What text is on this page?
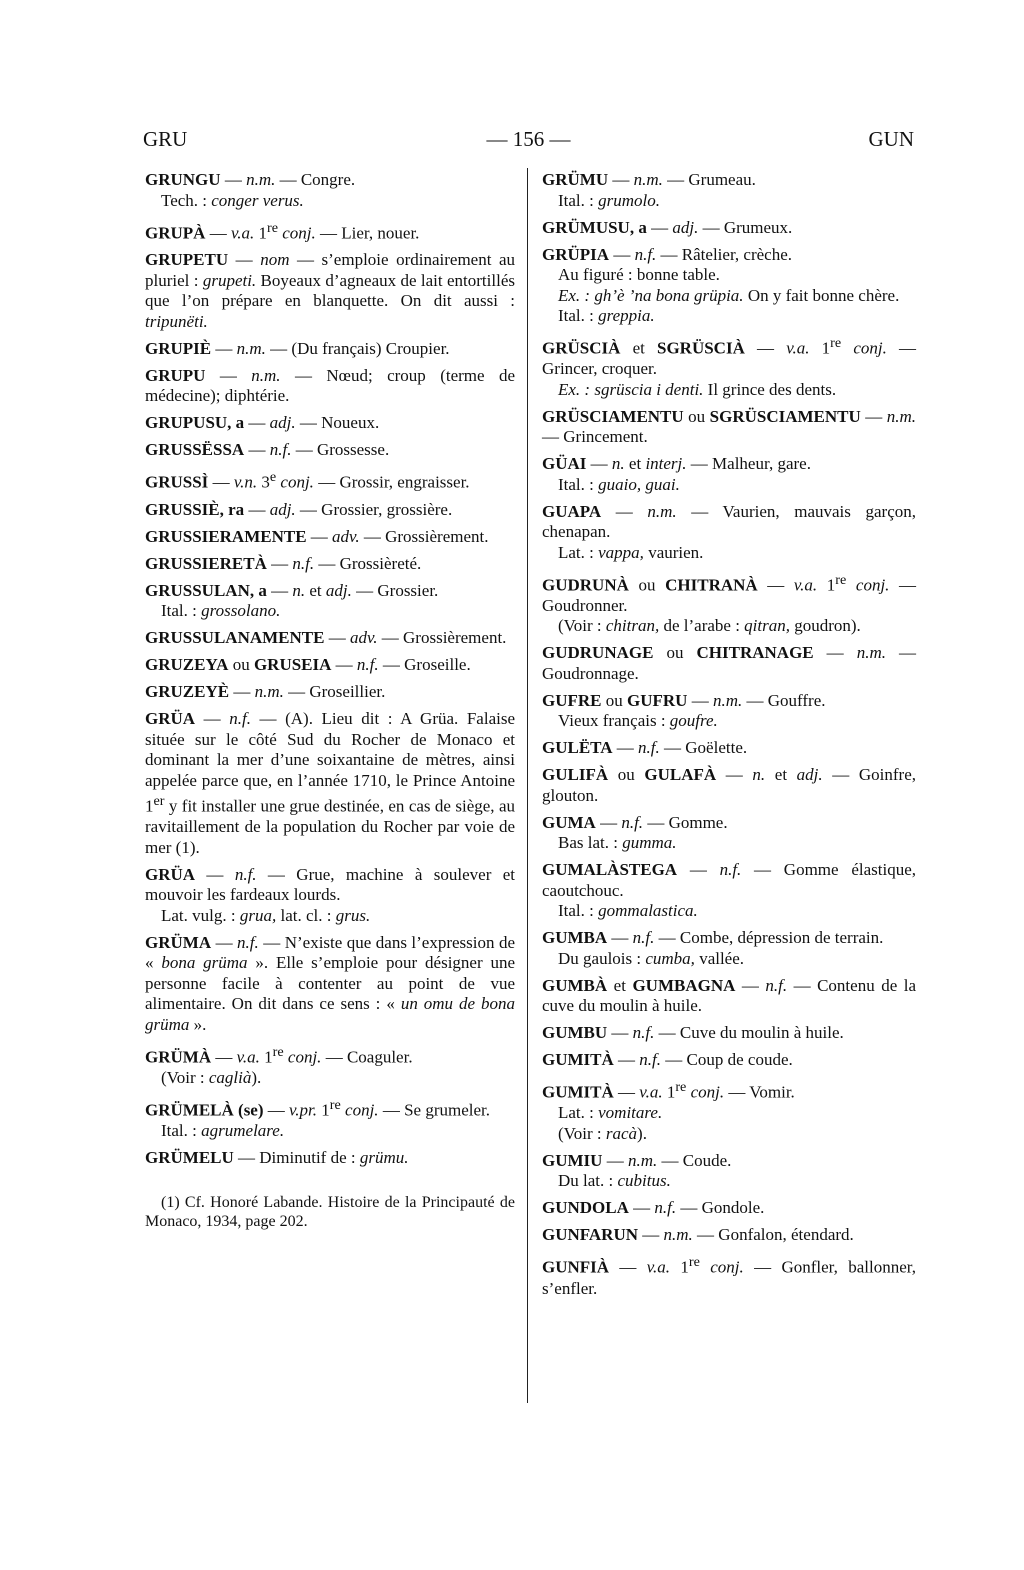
GRU	— 156 —	GUN

GRUNGU — n.m. — Congre.

Tech. : conger verus.

GRUPÀ — v.a. 1re conj. — Lier, nouer.

GRUPETU — nom — s’emploie ordinairement au pluriel : grupeti. Boyeaux d’agneaux de lait entortillés que l’on prépare en blanquette. On dit aussi : tripunëti.

GRUPIÈ — n.m. — (Du français) Croupier.

GRUPU — n.m. — Nœud; croup (terme de médecine); diphtérie.

GRUPUSU, a — adj. — Noueux.

GRUSSËSSA — n.f. — Grossesse.

GRUSSÌ — v.n. 3e conj. — Grossir, engraisser.

GRUSSIÈ, ra — adj. — Grossier, grossière.

GRUSSIERAMENTE — adv. — Grossièrement.

GRUSSIERETÀ — n.f. — Grossièreté.

GRUSSULAN, a — n. et adj. — Grossier.

Ital. : grossolano.

GRUSSULANAMENTE — adv. — Grossièrement.

GRUZEYA ou GRUSEIA — n.f. — Groseille.

GRUZEYÈ — n.m. — Groseillier.

GRÜA — n.f. — (A). Lieu dit : A Grüa. Falaise située sur le côté Sud du Rocher de Monaco et dominant la mer d’une soixantaine de mètres, ainsi appelée parce que, en l’année 1710, le Prince Antoine 1er y fit installer une grue destinée, en cas de siège, au ravitaillement de la population du Rocher par voie de mer (1).

GRÜA — n.f. — Grue, machine à soulever et mouvoir les fardeaux lourds.

Lat. vulg. : grua, lat. cl. : grus.

GRÜMA — n.f. — N’existe que dans l’expression de « bona grüma ». Elle s’emploie pour désigner une personne facile à contenter au point de vue alimentaire. On dit dans ce sens : « un omu de bona grüma ».

GRÜMÀ — v.a. 1re conj. — Coaguler.

(Voir : caglià).

GRÜMELÀ (se) — v.pr. 1re conj. — Se grumeler.

Ital. : agrumelare.

GRÜMELU — Diminutif de : grümu.

(1) Cf. Honoré Labande. Histoire de la Principauté de Monaco, 1934, page 202.

GRÜMU — n.m. — Grumeau.

Ital. : grumolo.

GRÜMUSU, a — adj. — Grumeux.

GRÜPIA — n.f. — Râtelier, crèche.

Au figuré : bonne table.

Ex. : gh’è ’na bona grüpia. On y fait bonne chère.

Ital. : greppia.

GRÜSCIÀ et SGRÜSCIÀ — v.a. 1re conj. — Grincer, croquer.

Ex. : sgrüscia i denti. Il grince des dents.

GRÜSCIAMENTU ou SGRÜSCIAMENTU — n.m. — Grincement.

GÜAI — n. et interj. — Malheur, gare.

Ital. : guaio, guai.

GUAPA — n.m. — Vaurien, mauvais garçon, chenapan.

Lat. : vappa, vaurien.

GUDRUNÀ ou CHITRANÀ — v.a. 1re conj. — Goudronner.

(Voir : chitran, de l’arabe : qitran, goudron).

GUDRUNAGE ou CHITRANAGE — n.m. — Goudronnage.

GUFRE ou GUFRU — n.m. — Gouffre.

Vieux français : goufre.

GULËTA — n.f. — Goëlette.

GULIFÀ ou GULAFÀ — n. et adj. — Goinfre, glouton.

GUMA — n.f. — Gomme.

Bas lat. : gumma.

GUMALÀSTEGA — n.f. — Gomme élastique, caoutchouc.

Ital. : gommalastica.

GUMBA — n.f. — Combe, dépression de terrain.

Du gaulois : cumba, vallée.

GUMBÀ et GUMBAGNA — n.f. — Contenu de la cuve du moulin à huile.

GUMBU — n.f. — Cuve du moulin à huile.

GUMITÀ — n.f. — Coup de coude.

GUMITÀ — v.a. 1re conj. — Vomir.

Lat. : vomitare.

(Voir : racà).

GUMIU — n.m. — Coude.

Du lat. : cubitus.

GUNDOLA — n.f. — Gondole.

GUNFARUN — n.m. — Gonfalon, étendard.

GUNFIÀ — v.a. 1re conj. — Gonfler, ballonner, s’enfler.
